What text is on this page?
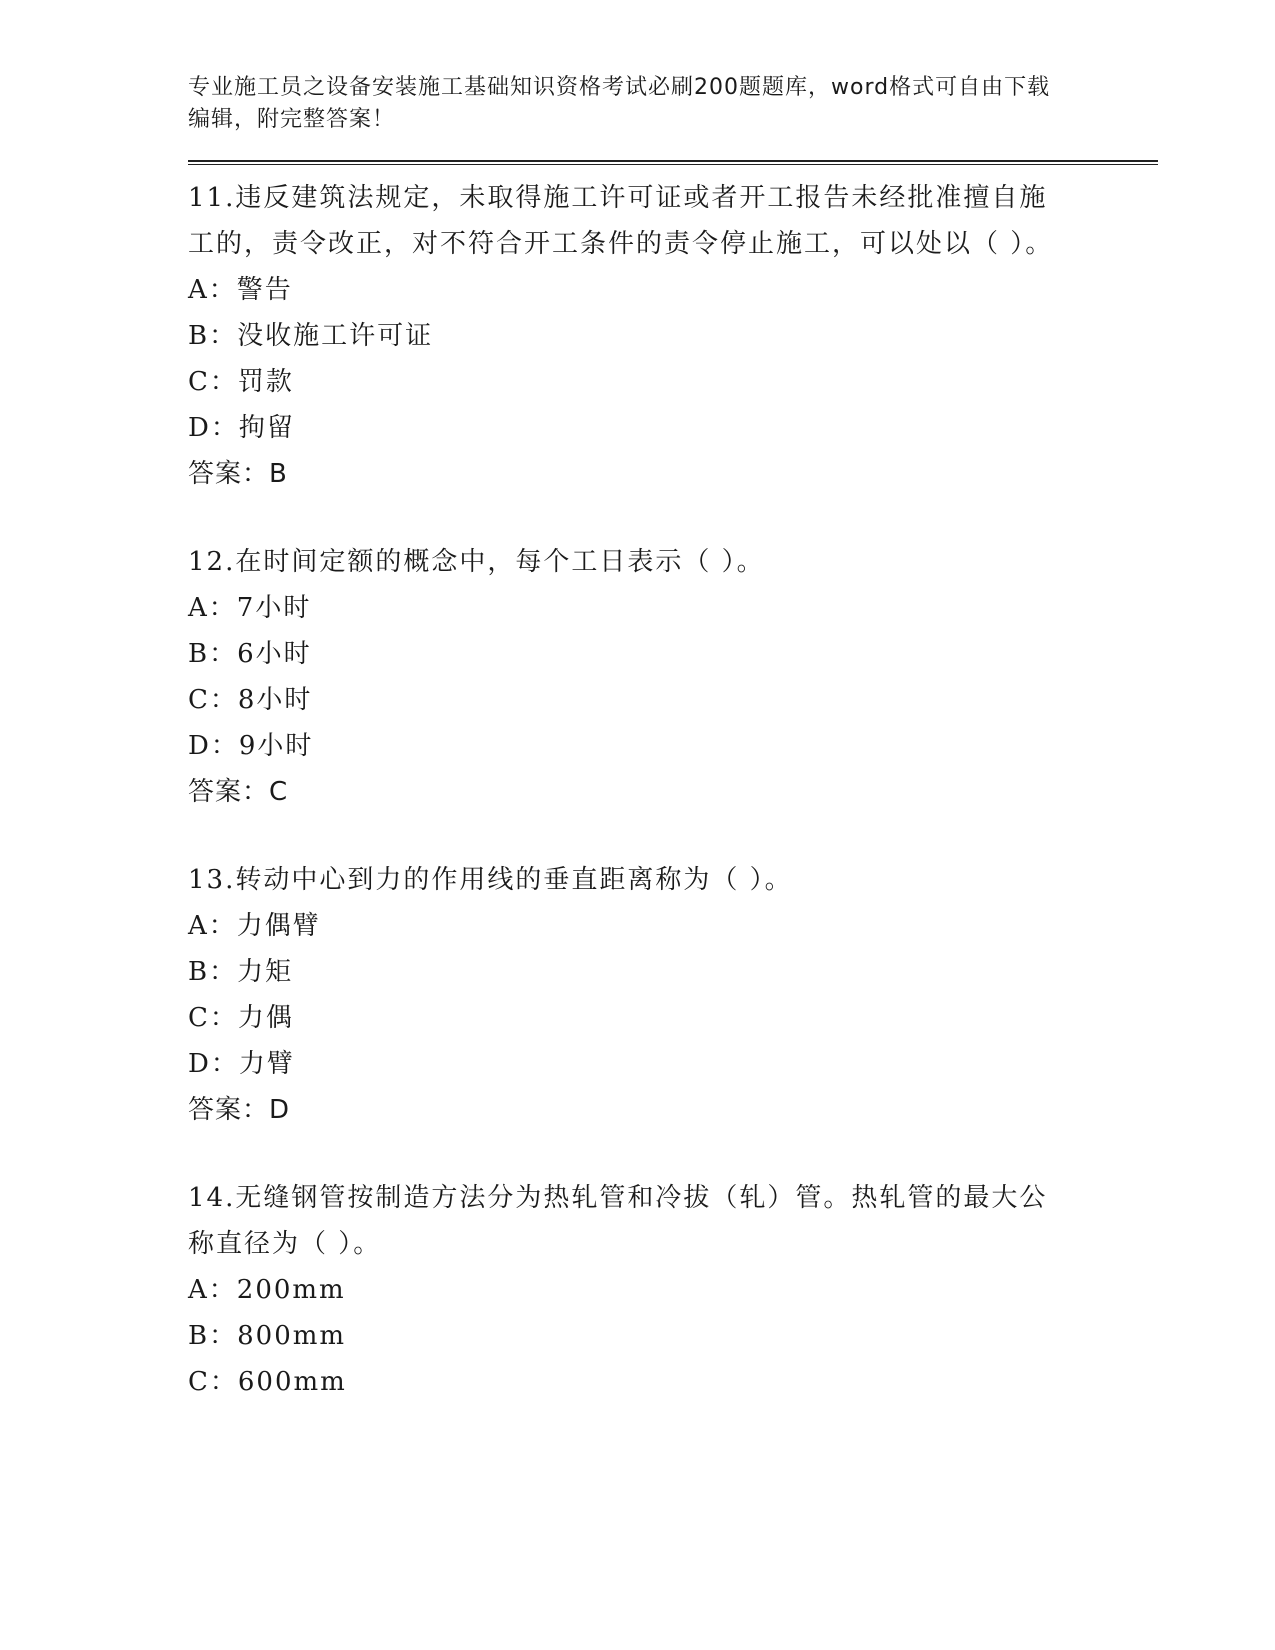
专业施工员之设备安装施工基础知识资格考试必刷200题题库，word格式可自由下载编辑，附完整答案！
11.违反建筑法规定，未取得施工许可证或者开工报告未经批准擅自施工的，责令改正，对不符合开工条件的责令停止施工，可以处以（ ）。
A：警告
B：没收施工许可证
C：罚款
D：拘留
答案：B
12.在时间定额的概念中，每个工日表示（ ）。
A：7小时
B：6小时
C：8小时
D：9小时
答案：C
13.转动中心到力的作用线的垂直距离称为（ ）。
A：力偶臂
B：力矩
C：力偶
D：力臂
答案：D
14.无缝钢管按制造方法分为热轧管和冷拔（轧）管。热轧管的最大公称直径为（ ）。
A：200mm
B：800mm
C：600mm
